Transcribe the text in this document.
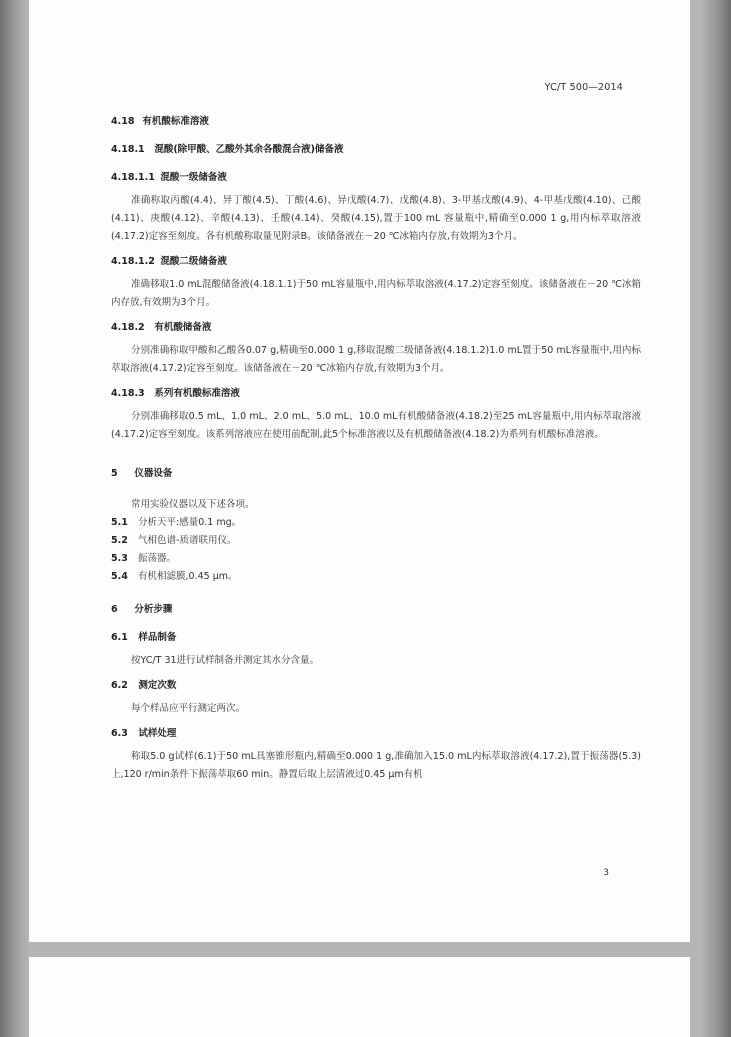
YC/T 500—2014
4.18 有机酸标准溶液
4.18.1 混酸(除甲酸、乙酸外其余各酸混合液)储备液
4.18.1.1 混酸一级储备液

准确称取丙酸(4.4)、异丁酸(4.5)、丁酸(4.6)、异戊酸(4.7)、戊酸(4.8)、3-甲基戊酸(4.9)、4-甲基戊酸(4.10)、己酸(4.11)、庚酸(4.12)、辛酸(4.13)、壬酸(4.14)、癸酸(4.15),置于100 mL 容量瓶中,精确至0.000 1 g,用内标萃取溶液(4.17.2)定容至刻度。各有机酸称取量见附录B。该储备液在－20 ℃冰箱内存放,有效期为3个月。

4.18.1.2 混酸二级储备液

准确移取1.0 mL混酸储备液(4.18.1.1)于50 mL容量瓶中,用内标萃取溶液(4.17.2)定容至刻度。该储备液在－20 ℃冰箱内存放,有效期为3个月。

4.18.2 有机酸储备液

分别准确称取甲酸和乙酸各0.07 g,精确至0.000 1 g,移取混酸二级储备液(4.18.1.2)1.0 mL置于50 mL容量瓶中,用内标萃取溶液(4.17.2)定容至刻度。该储备液在－20 ℃冰箱内存放,有效期为3个月。

4.18.3 系列有机酸标准溶液

分别准确移取0.5 mL、1.0 mL、2.0 mL、5.0 mL、10.0 mL有机酸储备液(4.18.2)至25 mL容量瓶中,用内标萃取溶液(4.17.2)定容至刻度。该系列溶液应在使用前配制,此5个标准溶液以及有机酸储备液(4.18.2)为系列有机酸标准溶液。

5 仪器设备

常用实验仪器以及下述各项。

5.1 分析天平:感量0.1 mg。
5.2 气相色谱-质谱联用仪。
5.3 振荡器。
5.4 有机相滤膜,0.45 μm。
6 分析步骤
6.1 样品制备

按YC/T 31进行试样制备并测定其水分含量。

6.2 测定次数

每个样品应平行测定两次。

6.3 试样处理

称取5.0 g试样(6.1)于50 mL具塞锥形瓶内,精确至0.000 1 g,准确加入15.0 mL内标萃取溶液(4.17.2),置于振荡器(5.3)上,120 r/min条件下振荡萃取60 min。静置后取上层清液过0.45 μm有机

3
